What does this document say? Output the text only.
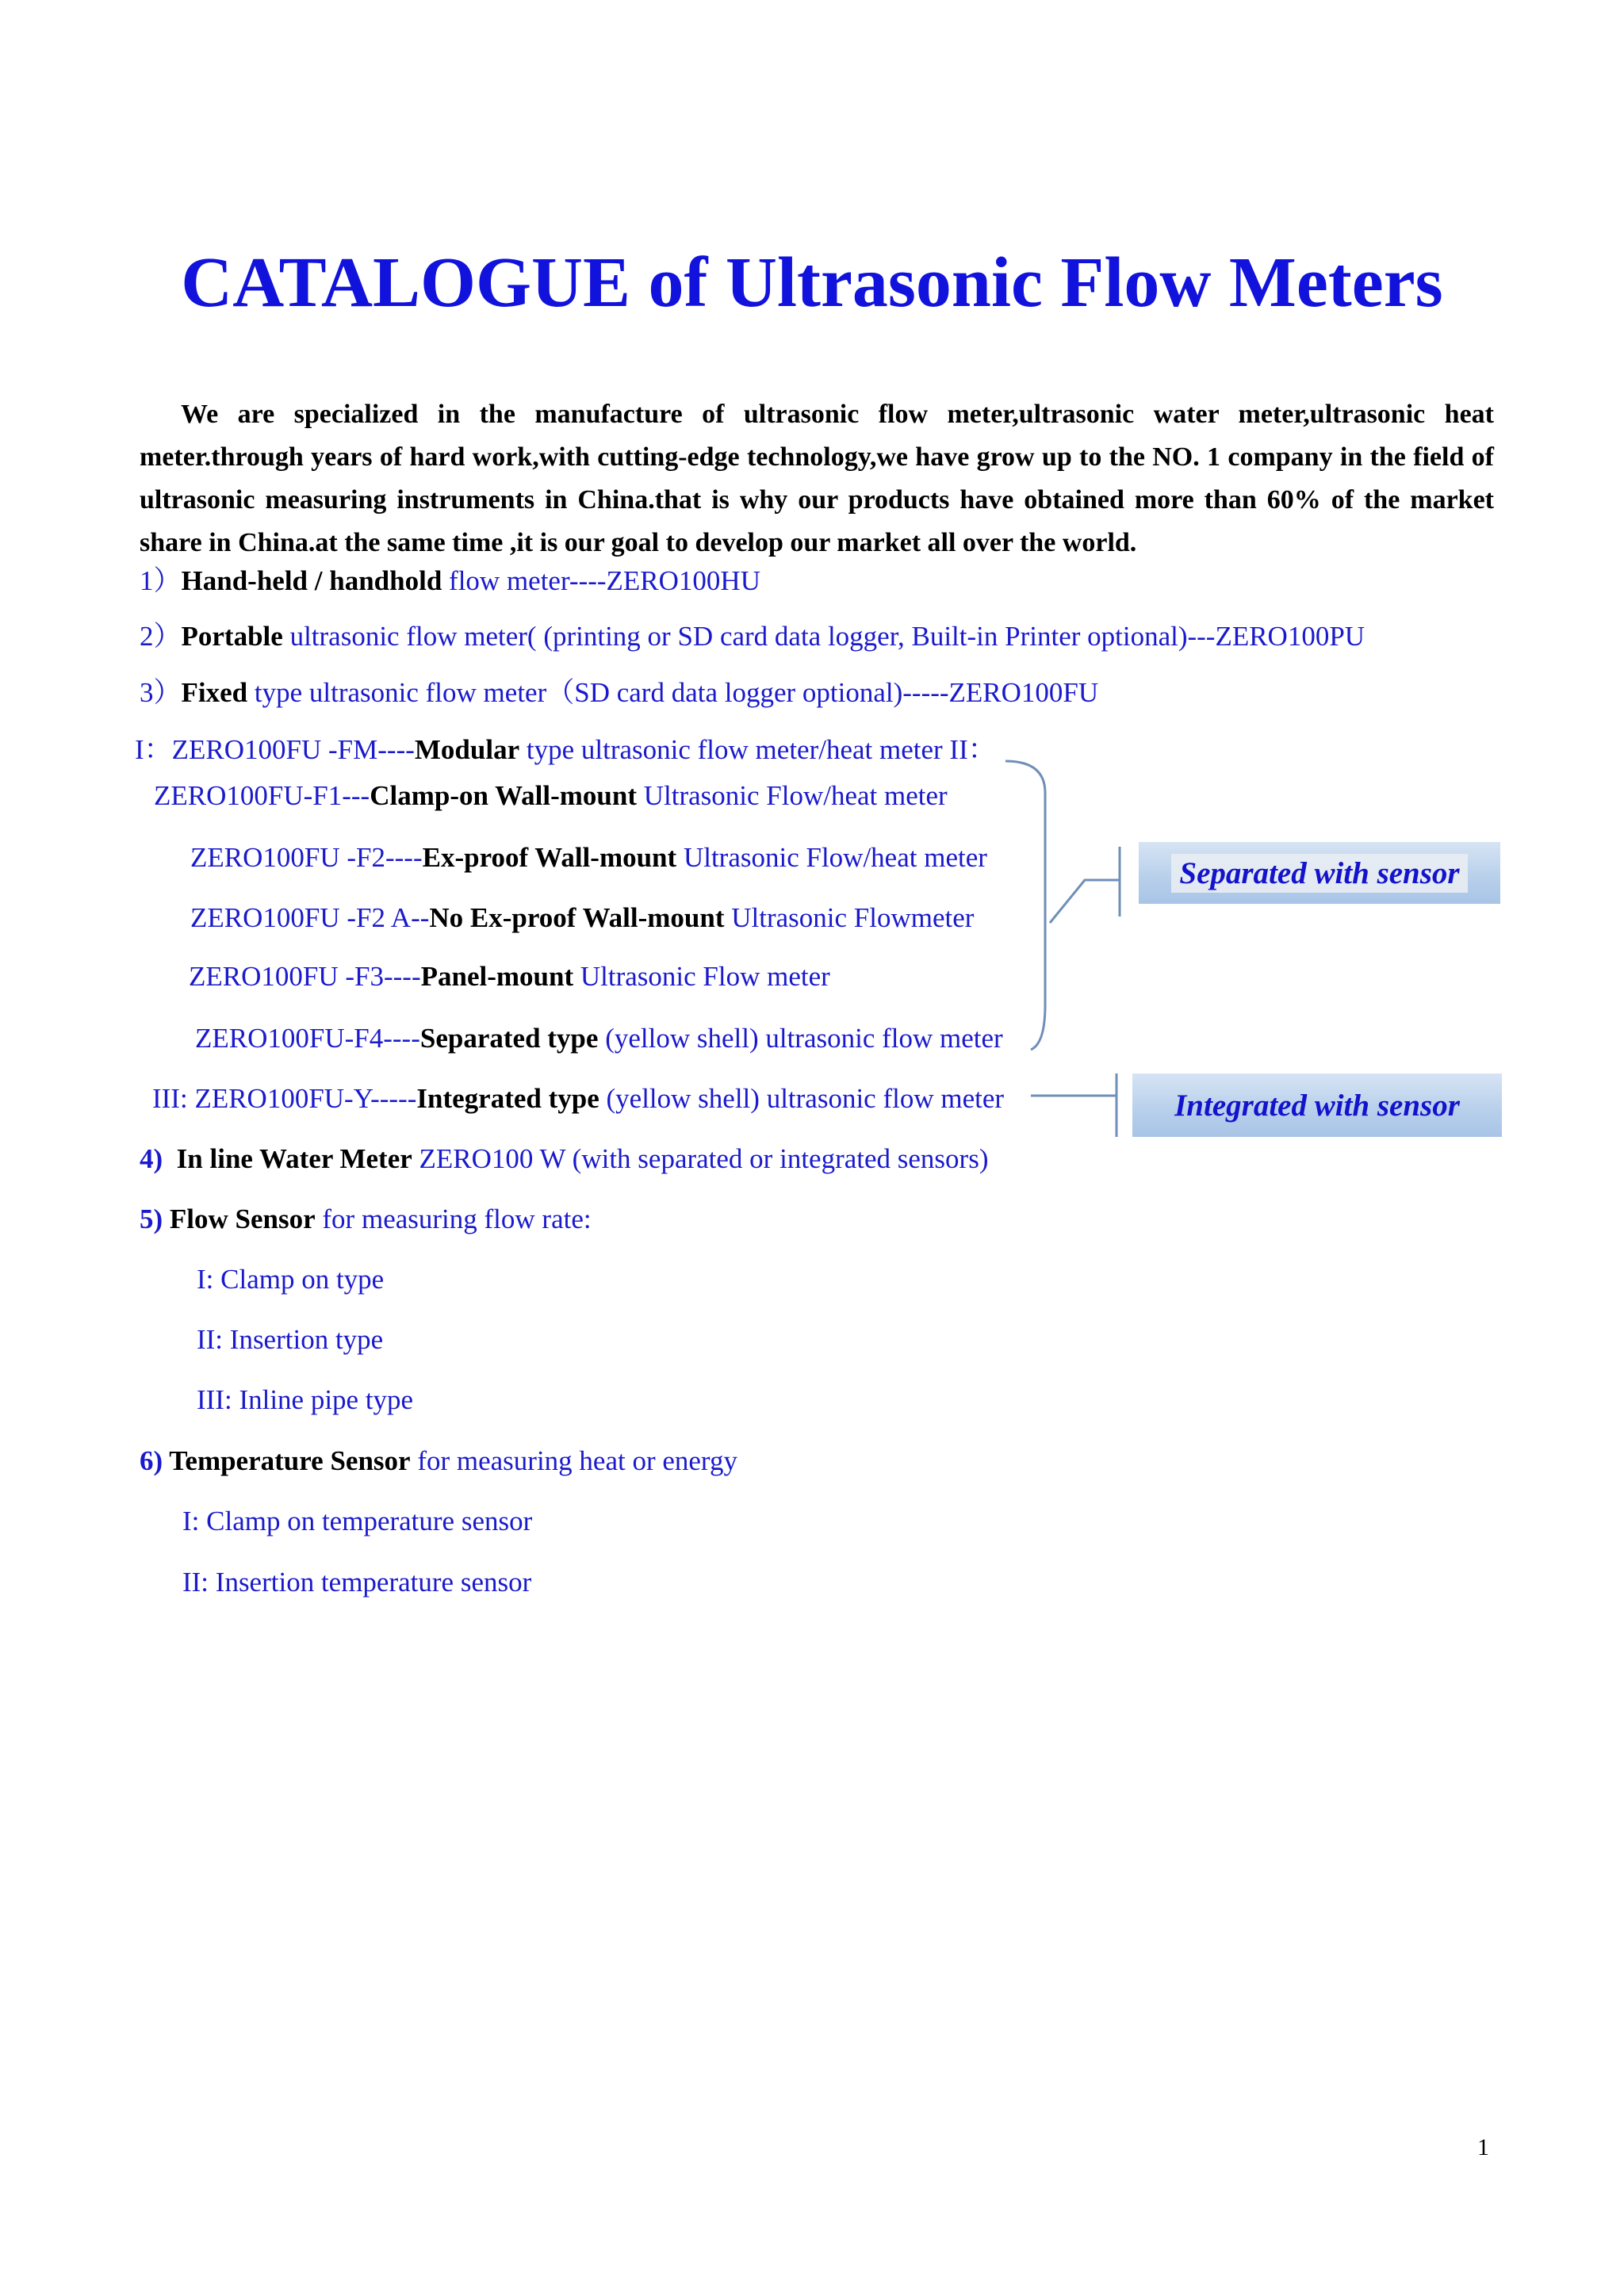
CATALOGUE of Ultrasonic Flow Meters

We are specialized in the manufacture of ultrasonic flow meter,ultrasonic water meter,ultrasonic heat meter.through years of hard work,with cutting-edge technology,we have grow up to the NO. 1 company in the field of ultrasonic measuring instruments in China.that is why our products have obtained more than 60% of the market share in China.at the same time ,it is our goal to develop our market all over the world.

1）Hand-held / handhold flow meter----ZERO100HU
2）Portable ultrasonic flow meter( (printing or SD card data logger, Built-in Printer optional)---ZERO100PU
3）Fixed type ultrasonic flow meter（SD card data logger optional)-----ZERO100FU
I：ZERO100FU -FM----Modular type ultrasonic flow meter/heat meter II：
ZERO100FU-F1---Clamp-on Wall-mount Ultrasonic Flow/heat meter
ZERO100FU -F2----Ex-proof Wall-mount Ultrasonic Flow/heat meter
ZERO100FU -F2 A--No Ex-proof Wall-mount Ultrasonic Flowmeter
ZERO100FU -F3----Panel-mount Ultrasonic Flow meter
ZERO100FU-F4----Separated type (yellow shell) ultrasonic flow meter
III: ZERO100FU-Y-----Integrated type (yellow shell) ultrasonic flow meter
4) In line Water Meter ZERO100 W (with separated or integrated sensors)
5) Flow Sensor for measuring flow rate:
I: Clamp on type
II: Insertion type
III: Inline pipe type
6) Temperature Sensor for measuring heat or energy
I: Clamp on temperature sensor
II: Insertion temperature sensor
Separated with sensor
Integrated with sensor
1
